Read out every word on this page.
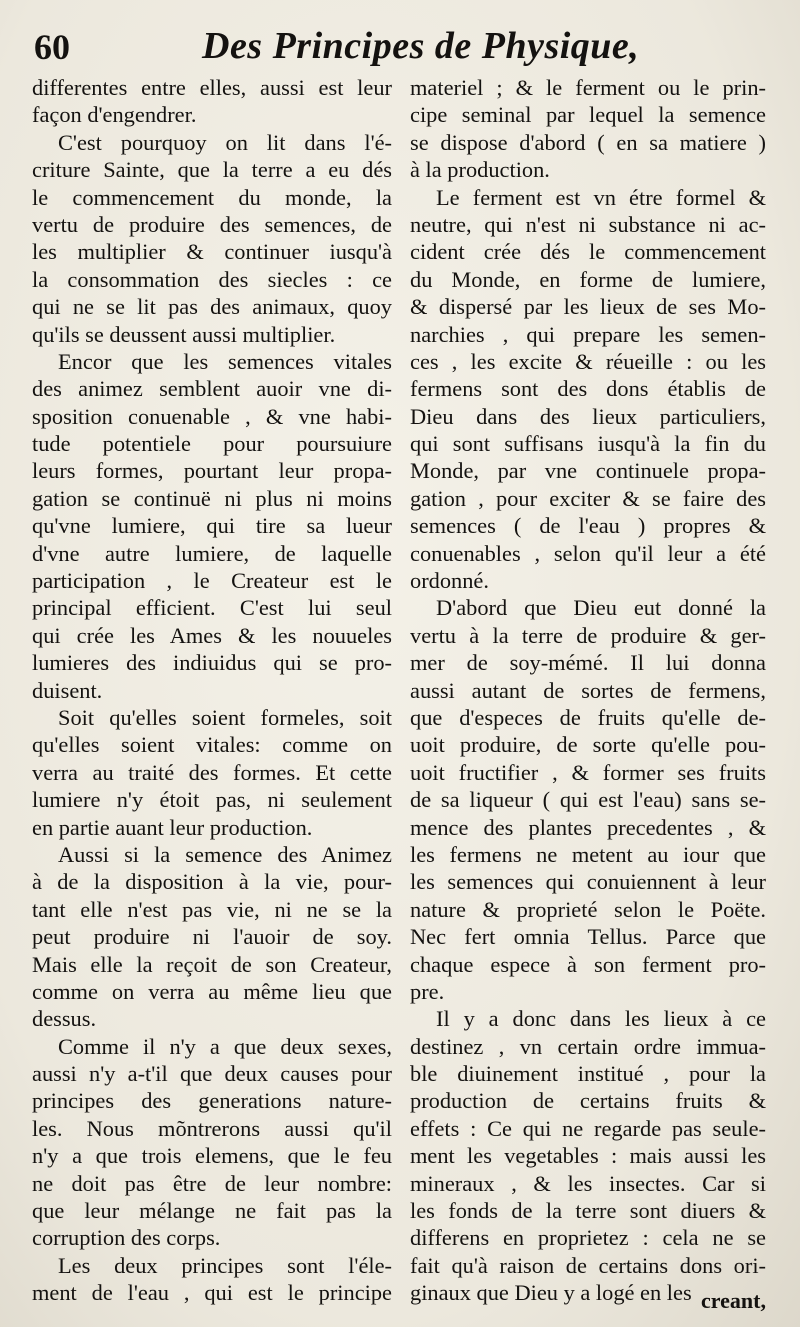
60	Des Principes de Physique,
differentes entre elles, aussi est leur
façon d'engendrer.
C'est pourquoy on lit dans l'é-
criture Sainte, que la terre a eu dés
le commencement du monde, la
vertu de produire des semences, de
les multiplier & continuer iusqu'à
la consommation des siecles : ce
qui ne se lit pas des animaux, quoy
qu'ils se deussent aussi multiplier.
Encor que les semences vitales
des animez semblent auoir vne di-
sposition conuenable , & vne habi-
tude potentiele pour poursuiure
leurs formes, pourtant leur propa-
gation se continuë ni plus ni moins
qu'vne lumiere, qui tire sa lueur
d'vne autre lumiere, de laquelle
participation , le Createur est le
principal efficient. C'est lui seul
qui crée les Ames & les nouueles
lumieres des indiuidus qui se pro-
duisent.
Soit qu'elles soient formeles, soit
qu'elles soient vitales: comme on
verra au traité des formes. Et cette
lumiere n'y étoit pas, ni seulement
en partie auant leur production.
Aussi si la semence des Animez
à de la disposition à la vie, pour-
tant elle n'est pas vie, ni ne se la
peut produire ni l'auoir de soy.
Mais elle la reçoit de son Createur,
comme on verra au même lieu que
dessus.
Comme il n'y a que deux sexes,
aussi n'y a-t'il que deux causes pour
principes des generations nature-
les. Nous mõntrerons aussi qu'il
n'y a que trois elemens, que le feu
ne doit pas être de leur nombre:
que leur mélange ne fait pas la
corruption des corps.
Les deux principes sont l'éle-
ment de l'eau , qui est le principe
materiel ; & le ferment ou le prin-
cipe seminal par lequel la semence
se dispose d'abord ( en sa matiere )
à la production.
Le ferment est vn étre formel &
neutre, qui n'est ni substance ni ac-
cident crée dés le commencement
du Monde, en forme de lumiere,
& dispersé par les lieux de ses Mo-
narchies , qui prepare les semen-
ces , les excite & réueille : ou les
fermens sont des dons établis de
Dieu dans des lieux particuliers,
qui sont suffisans iusqu'à la fin du
Monde, par vne continuele propa-
gation , pour exciter & se faire des
semences ( de l'eau ) propres &
conuenables , selon qu'il leur a été
ordonné.
D'abord que Dieu eut donné la
vertu à la terre de produire & ger-
mer de soy-mémé. Il lui donna
aussi autant de sortes de fermens,
que d'especes de fruits qu'elle de-
uoit produire, de sorte qu'elle pou-
uoit fructifier , & former ses fruits
de sa liqueur ( qui est l'eau) sans se-
mence des plantes precedentes , &
les fermens ne metent au iour que
les semences qui conuiennent à leur
nature & proprieté selon le Poëte.
Nec fert omnia Tellus. Parce que
chaque espece à son ferment pro-
pre.
Il y a donc dans les lieux à ce
destinez , vn certain ordre immua-
ble diuinement institué , pour la
production de certains fruits &
effets : Ce qui ne regarde pas seule-
ment les vegetables : mais aussi les
mineraux , & les insectes. Car si
les fonds de la terre sont diuers &
differens en proprietez : cela ne se
fait qu'à raison de certains dons ori-
ginaux que Dieu y a logé en les creant,
